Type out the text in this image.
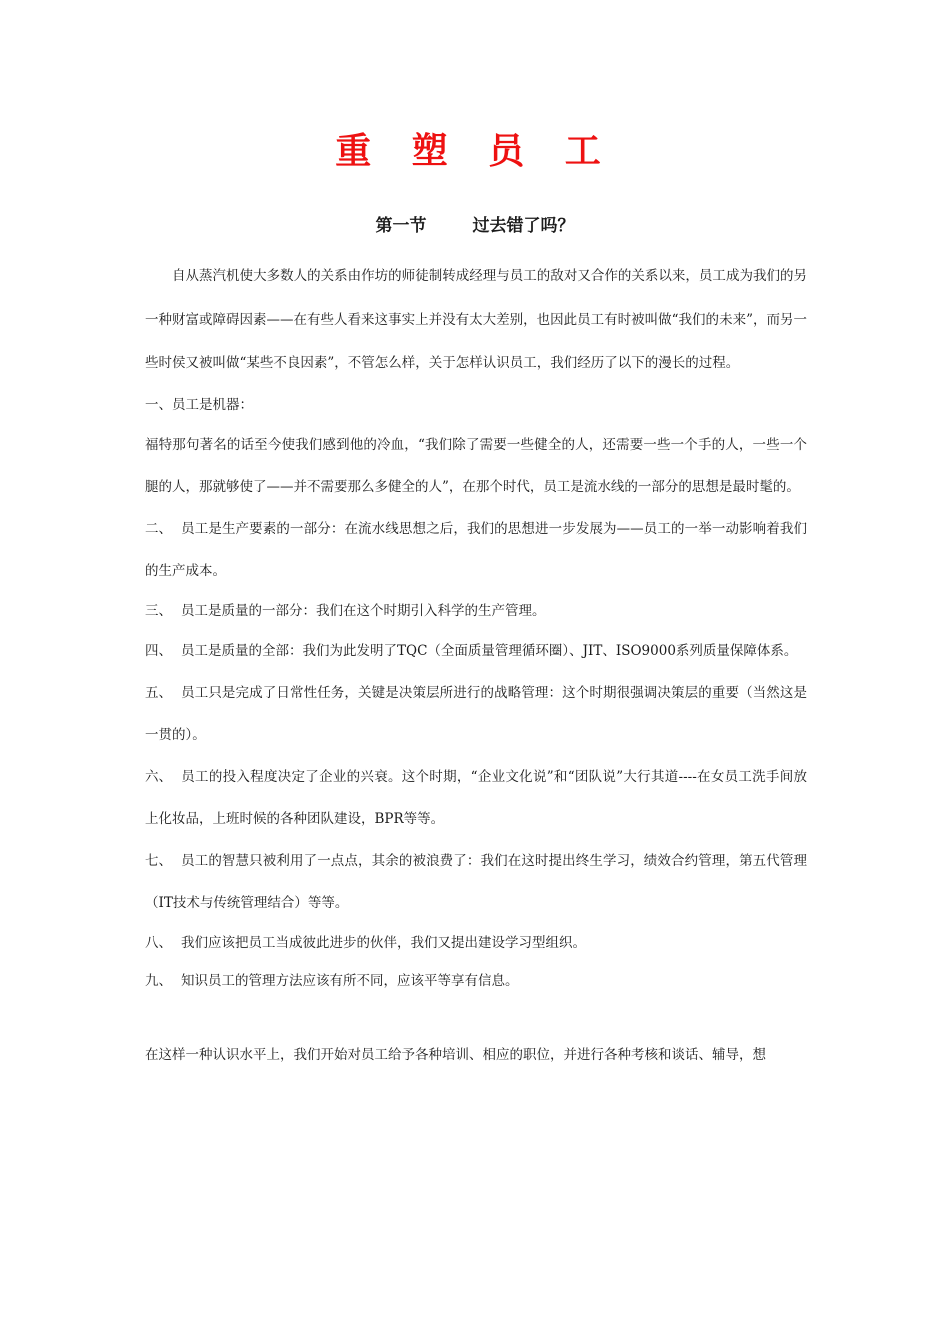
重 塑 员 工
第一节	过去错了吗？

自从蒸汽机使大多数人的关系由作坊的师徒制转成经理与员工的敌对又合作的关系以来，员工成为我们的另一种财富或障碍因素——在有些人看来这事实上并没有太大差别，也因此员工有时被叫做“我们的未来”，而另一些时侯又被叫做“某些不良因素”，不管怎么样，关于怎样认识员工，我们经历了以下的漫长的过程。

一、员工是机器：

福特那句著名的话至今使我们感到他的冷血，“我们除了需要一些健全的人，还需要一些一个手的人，一些一个腿的人，那就够使了——并不需要那么多健全的人”，在那个时代，员工是流水线的一部分的思想是最时髦的。

二、 员工是生产要素的一部分：在流水线思想之后，我们的思想进一步发展为——员工的一举一动影响着我们的生产成本。

三、 员工是质量的一部分：我们在这个时期引入科学的生产管理。

四、 员工是质量的全部：我们为此发明了TQC（全面质量管理循环圈）、JIT、ISO9000系列质量保障体系。

五、 员工只是完成了日常性任务，关键是决策层所进行的战略管理：这个时期很强调决策层的重要（当然这是一贯的）。

六、 员工的投入程度决定了企业的兴衰。这个时期，“企业文化说”和“团队说”大行其道----在女员工洗手间放上化妆品，上班时候的各种团队建设，BPR等等。

七、 员工的智慧只被利用了一点点，其余的被浪费了：我们在这时提出终生学习，绩效合约管理，第五代管理（IT技术与传统管理结合）等等。

八、 我们应该把员工当成彼此进步的伙伴，我们又提出建设学习型组织。

九、 知识员工的管理方法应该有所不同，应该平等享有信息。

在这样一种认识水平上，我们开始对员工给予各种培训、相应的职位，并进行各种考核和谈话、辅导，想
